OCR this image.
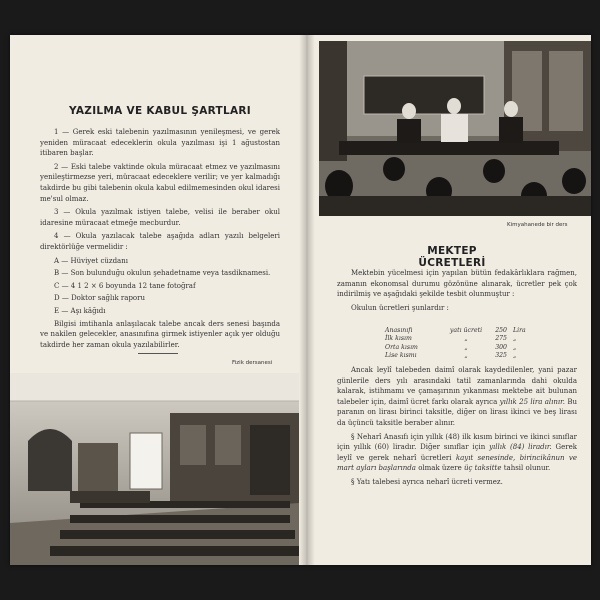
YAZILMA VE KABUL ŞARTLARI

1 — Gerek eski talebenin yazılmasının yenileşmesi, ve gerek yeniden müracaat edeceklerin okula yazılması işi 1 ağustostan itibaren başlar.

2 — Eski talebe vaktinde okula müracaat etmez ve yazılmasını yenileştirmezse yeri, müracaat edeceklere verilir; ve yer kalmadığı takdirde bu gibi talebenin okula kabul edilmemesinden okul idaresi me'sul olmaz.

3 — Okula yazılmak istiyen talebe, velisi ile beraber okul idaresine müracaat etmeğe mecburdur.

4 — Okula yazılacak talebe aşağıda adları yazılı belgeleri direktörlüğe vermelidir :

A — Hüviyet cüzdanı

B — Son bulunduğu okulun şehadetname veya tasdiknamesi.

C — 4 1 2 × 6 boyunda 12 tane fotoğraf

D — Doktor sağlık raporu

E — Aşı kâğıdı

Bilgisi imtihanla anlaşılacak talebe ancak ders senesi başında ve nakilen gelecekler, anasınıfına girmek istiyenler açık yer olduğu takdirde her zaman okula yazılabilirler.

Fizik dersanesi
Kimyahanede bir ders
MEKTEP ÜCRETLERİ

Mektebin yücelmesi için yapılan bütün fedakârlıklara rağmen, zamanın ekonomsal durumu gözönüne alınarak, ücretler pek çok indirilmiş ve aşağıdaki şekilde tesbit olunmuştur :

Okulun ücretleri şunlardır :

Anasınıfı	yatı ücreti	250 Lira
İlk kısım	„	275 „
Orta kısım	„	300 „
Lise kısmı	„	325 „

Ancak leylî talebeden daimî olarak kaydedilenler, yani pazar günlerile ders yılı arasındaki tatil zamanlarında dahi okulda kalarak, istihmamı ve çamaşırının yıkanması mektebe ait bulunan talebeler için, daimî ücret farkı olarak ayrıca yıllık 25 lira alınır. Bu paranın on lirası birinci taksitle, diğer on lirası ikinci ve beş lirası da üçüncü taksitle beraber alınır.

§ Neharî Anasıfı için yıllık (48) ilk kısım birinci ve ikinci sınıflar için yıllık (60) liradır. Diğer sınıflar için yıllık (84) liradır. Gerek leylî ve gerek neharî ücretleri kayıt senesinde, birincikânun ve mart ayları başlarında olmak üzere üç taksitte tahsil olunur.

§ Yatı talebesi ayrıca neharî ücreti vermez.
